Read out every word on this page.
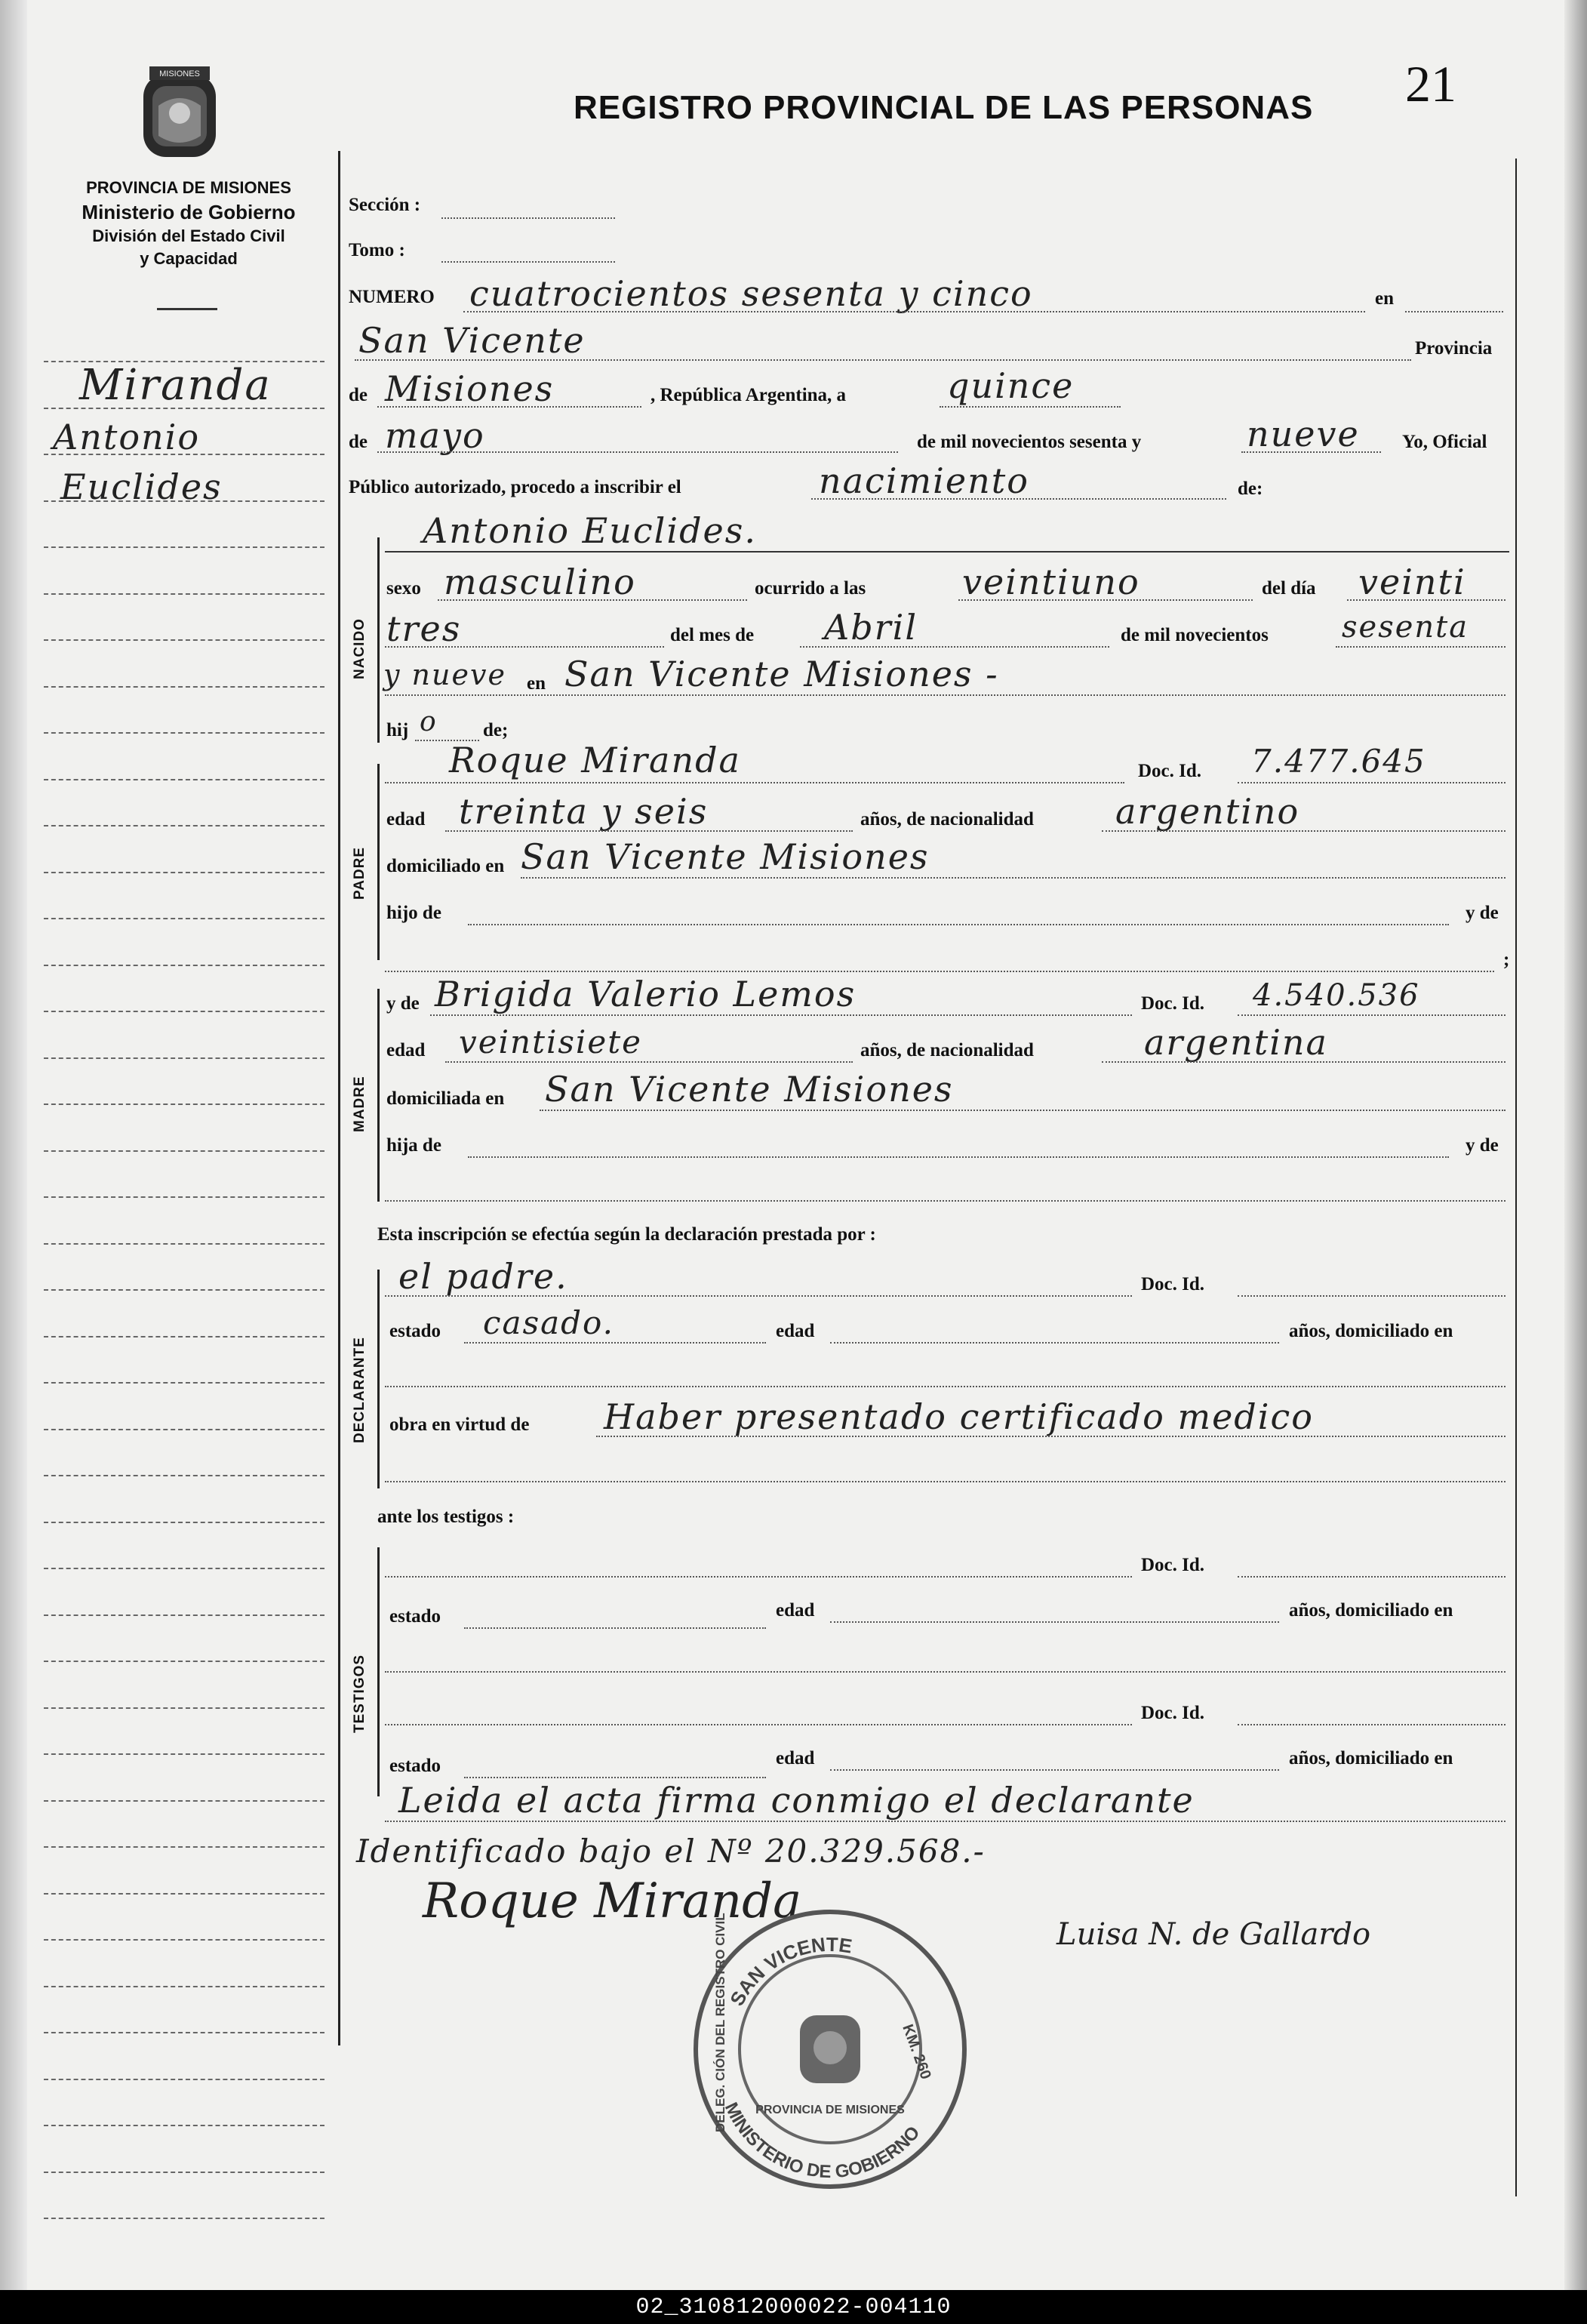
MISIONES
PROVINCIA DE MISIONES
Ministerio de Gobierno
División del Estado Civil
y Capacidad
REGISTRO PROVINCIAL DE LAS PERSONAS 21
Miranda
Antonio
Euclides
Sección :
Tomo :
NUMERO cuatrocientos sesenta y cinco	en
San Vicente	Provincia
de Misiones	, República Argentina, a	quince
de mayo	de mil novecientos sesenta y	nueve Yo, Oficial
Público autorizado, procedo a inscribir el	nacimiento	de:
NACIDO
Antonio Euclides.
sexo masculino	ocurrido a las	veintiuno	del día veinti
tres	del mes de Abril	de mil novecientos sesenta
y nueve en San Vicente Misiones -
hij o de;
PADRE
Roque Miranda	Doc. Id. 7.477.645
edad treinta y seis	años, de nacionalidad argentino
domiciliado en San Vicente Misiones
hijo de	y de
;
MADRE
y de Brigida Valerio Lemos	Doc. Id. 4.540.536
edad veintisiete	años, de nacionalidad	argentina
domiciliada en San Vicente Misiones
hija de	y de
Esta inscripción se efectúa según la declaración prestada por :
DECLARANTE
el padre.	Doc. Id.
estado casado.	edad	años, domiciliado en
obra en virtud de Haber presentado certificado medico
ante los testigos :
TESTIGOS
Doc. Id.
estado	edad	años, domiciliado en
Doc. Id.
estado	edad	años, domiciliado en
Leida el acta firma conmigo el declarante
Identificado bajo el Nº 20.329.568.-
Roque Miranda
Luisa N. de Gallardo
SAN VICENTE
MINISTERIO DE GOBIERNO
KM. 260
DELEG. CIÓN DEL REGISTRO CIVIL PROVINCIA DE MISIONES
02_310812000022-004110
